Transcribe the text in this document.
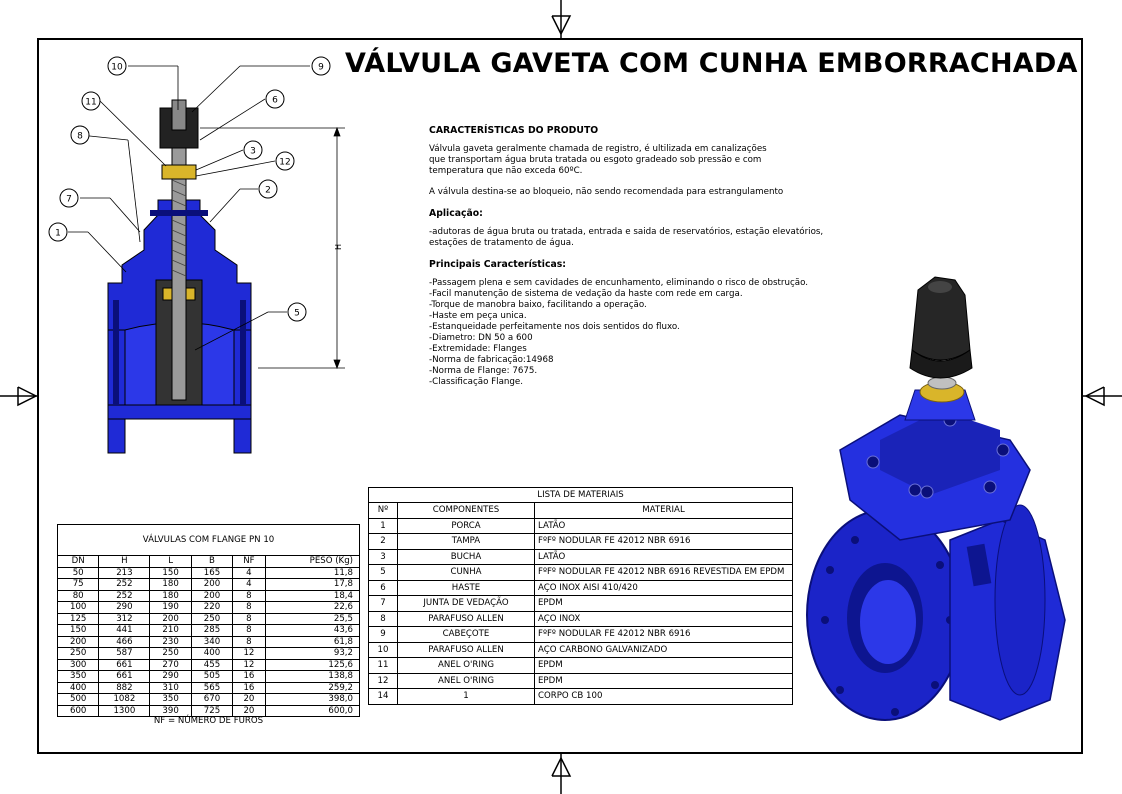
VÁLVULA GAVETA COM CUNHA EMBORRACHADA
H
10	9
11	6
8
3
12
7
2
1
5
CARACTERÍSTICAS DO PRODUTO

Válvula gaveta geralmente chamada de registro, é ultilizada em canalizações
que transportam água bruta tratada ou esgoto gradeado sob pressão e com
temperatura que não exceda 60ºC.

A válvula destina-se ao bloqueio, não sendo recomendada para estrangulamento

Aplicação:

-adutoras de água bruta ou tratada, entrada e saida de reservatórios, estação elevatórios,
estações de tratamento de água.

Principais Características:
-Passagem plena e sem cavidades de encunhamento, eliminando o risco de obstrução.
-Facil manutenção de sistema de vedação da haste com rede em carga.
-Torque de manobra baixo, facilitando a operação.
-Haste em peça unica.
-Estanqueidade perfeitamente nos dois sentidos do fluxo.
-Diametro: DN 50 a 600
-Extremidade: Flanges
-Norma de fabricação:14968
-Norma de Flange: 7675.
-Classificação Flange.
VÁLVULAS COM FLANGE PN 10					
DN	H	L	B	NF	PESO (Kg)
50	213	150	165	4	11,8
75	252	180	200	4	17,8
80	252	180	200	8	18,4
100	290	190	220	8	22,6
125	312	200	250	8	25,5
150	441	210	285	8	43,6
200	466	230	340	8	61,8
250	587	250	400	12	93,2
300	661	270	455	12	125,6
350	661	290	505	16	138,8
400	882	310	565	16	259,2
500	1082	350	670	20	398,0
600	1300	390	725	20	600,0
NF = NÚMERO DE FUROS
LISTA DE MATERIAIS		
Nº	COMPONENTES	MATERIAL
1	PORCA	LATÃO
2	TAMPA	FºFº NODULAR FE 42012 NBR 6916
3	BUCHA	LATÃO
5	CUNHA	FºFº NODULAR FE 42012 NBR 6916 REVESTIDA EM EPDM
6	HASTE	AÇO INOX AISI 410/420
7	JUNTA DE VEDAÇÃO	EPDM
8	PARAFUSO ALLEN	AÇO INOX
9	CABEÇOTE	FºFº NODULAR FE 42012 NBR 6916
10	PARAFUSO ALLEN	AÇO CARBONO GALVANIZADO
11	ANEL O'RING	EPDM
12	ANEL O'RING	EPDM
14	1	CORPO CB 100
